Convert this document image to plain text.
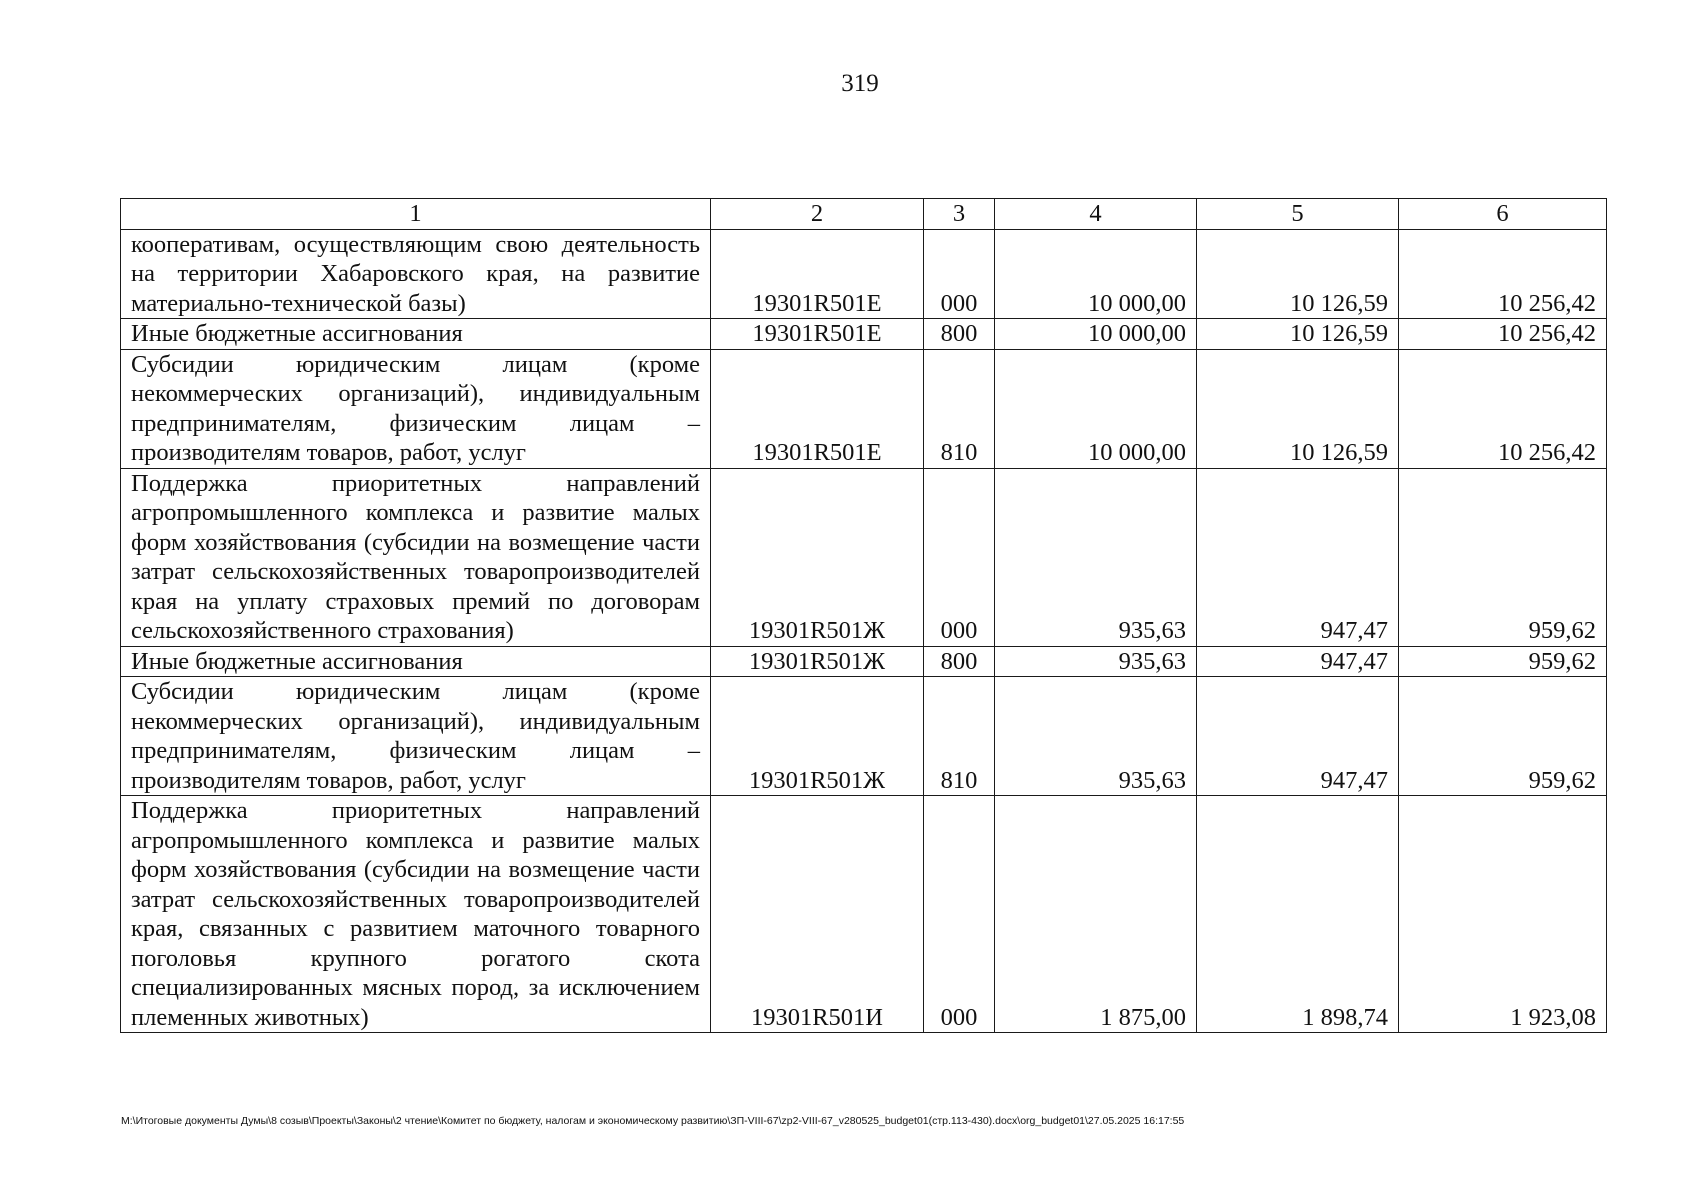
319
1	2	3	4	5	6
кооперативам, осуществляющим свою деятельность на территории Хабаровского края, на развитие материально-технической базы)	19301R501Е	000	10 000,00	10 126,59	10 256,42
Иные бюджетные ассигнования	19301R501Е	800	10 000,00	10 126,59	10 256,42
Субсидии юридическим лицам (кроме некоммерческих организаций), индивидуальным предпринимателям, физическим лицам – производителям товаров, работ, услуг	19301R501Е	810	10 000,00	10 126,59	10 256,42
Поддержка приоритетных направлений агропромышленного комплекса и развитие малых форм хозяйствования (субсидии на возмещение части затрат сельскохозяйственных товаропроизводителей края на уплату страховых премий по договорам сельскохозяйственного страхования)	19301R501Ж	000	935,63	947,47	959,62
Иные бюджетные ассигнования	19301R501Ж	800	935,63	947,47	959,62
Субсидии юридическим лицам (кроме некоммерческих организаций), индивидуальным предпринимателям, физическим лицам – производителям товаров, работ, услуг	19301R501Ж	810	935,63	947,47	959,62
Поддержка приоритетных направлений агропромышленного комплекса и развитие малых форм хозяйствования (субсидии на возмещение части затрат сельскохозяйственных товаропроизводителей края, связанных с развитием маточного товарного поголовья крупного рогатого скота специализированных мясных пород, за исключением племенных животных)	19301R501И	000	1 875,00	1 898,74	1 923,08
М:\Итоговые документы Думы\8 созыв\Проекты\Законы\2 чтение\Комитет по бюджету, налогам и экономическому развитию\ЗП-VIII-67\zp2-VIII-67_v280525_budget01(стр.113-430).docx\org_budget01\27.05.2025 16:17:55
